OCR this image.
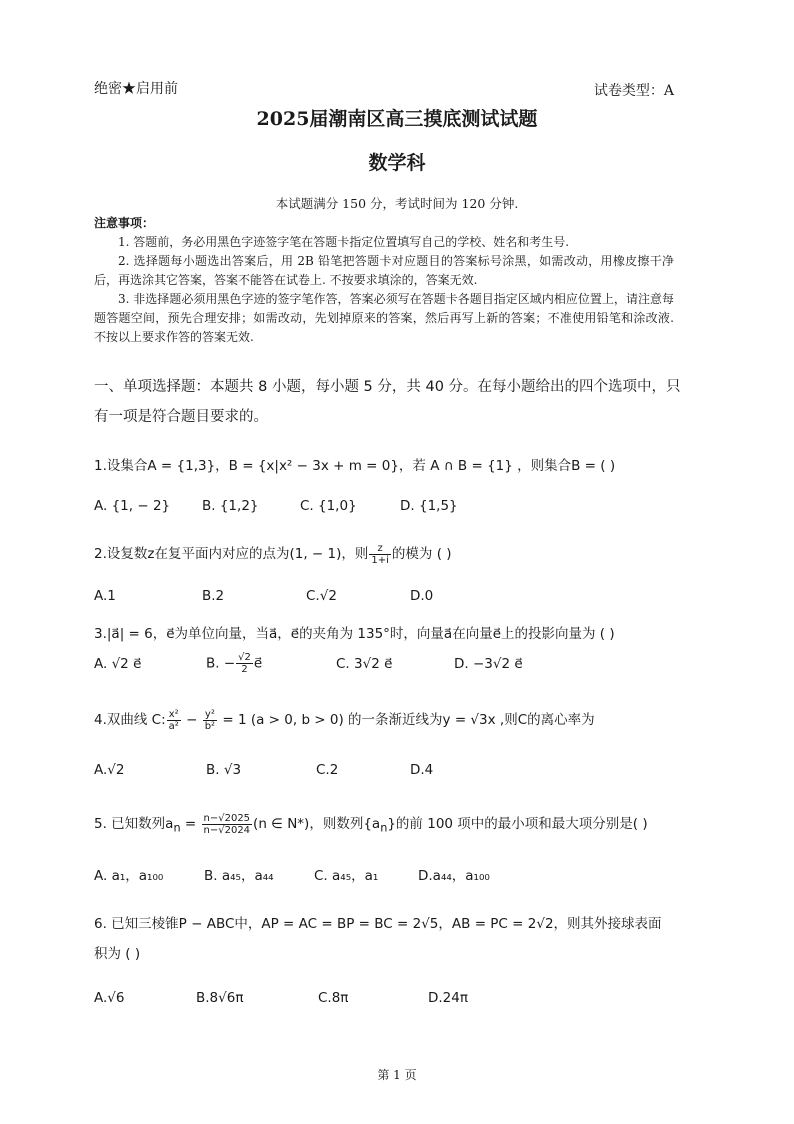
绝密★启用前	试卷类型：A
2025届潮南区高三摸底测试试题
数学科
本试题满分 150 分，考试时间为 120 分钟.

注意事项：

1. 答题前，务必用黑色字迹签字笔在答题卡指定位置填写自己的学校、姓名和考生号.

2. 选择题每小题选出答案后，用 2B 铅笔把答题卡对应题目的答案标号涂黑，如需改动，用橡皮擦干净后，再选涂其它答案，答案不能答在试卷上. 不按要求填涂的，答案无效.

3. 非选择题必须用黑色字迹的签字笔作答，答案必须写在答题卡各题目指定区域内相应位置上，请注意每题答题空间，预先合理安排；如需改动，先划掉原来的答案，然后再写上新的答案；不准使用铅笔和涂改液. 不按以上要求作答的答案无效.

一、单项选择题：本题共 8 小题，每小题 5 分，共 40 分。在每小题给出的四个选项中，只有一项是符合题目要求的。
1.设集合A = {1,3}，B = {x|x² − 3x + m = 0}，若 A ∩ B = {1} ，则集合B = ( )
A. {1, − 2} B. {1,2}	C. {1,0}	D. {1,5}
2.设复数z在复平面内对应的点为(1, − 1)，则 $\frac{z}{1+i}$ 的模为 ( )
A.1	B.2	C.√2	D.0
3.|a⃗| = 6，e⃗为单位向量，当a⃗，e⃗的夹角为 135°时，向量a⃗在向量e⃗上的投影向量为 ( )
A. √2 e⃗	B. − $\frac{√2}{2}$ e⃗	C. 3√2 e⃗	D. −3√2 e⃗
4.双曲线 C: $\frac{\text{x²}}{\text{a²}} - \frac{\text{y²}}{\text{b²}} = 1$ (a > 0, b > 0) 的一条渐近线为y = √3x ,则C的离心率为
A.√2	B. √3	C.2	D.4
5. 已知数列$a_n = \frac{n-√2025}{n-√2024} (n$ ∈ N*)，则数列$\{a_n\}$的前 100 项中的最小项和最大项分别是( )
A. a₁，a₁₀₀	B. a₄₅，a₄₄	C. a₄₅，a₁	D.a₄₄，a₁₀₀
6. 已知三棱锥P − ABC中，AP = AC = BP = BC = 2√5，AB = PC = 2√2，则其外接球表面
积为 ( )
A.√6	B.8√6π	C.8π	D.24π
第 1 页
